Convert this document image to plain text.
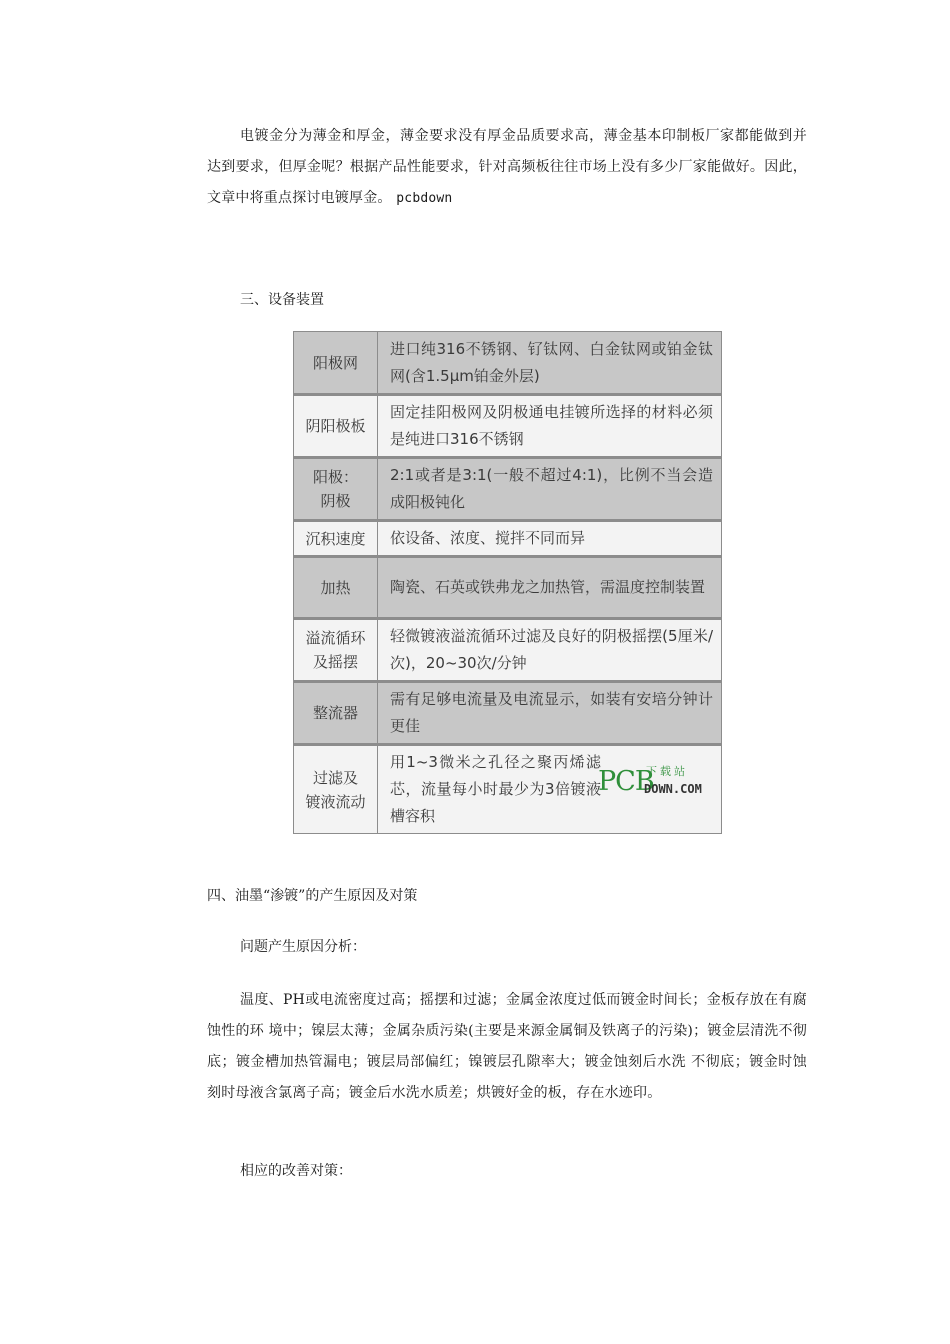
电镀金分为薄金和厚金，薄金要求没有厚金品质要求高，薄金基本印制板厂家都能做到并达到要求，但厚金呢？根据产品性能要求，针对高频板往往市场上没有多少厂家能做好。因此，文章中将重点探讨电镀厚金。 pcbdown

三、设备装置

阳极网	进口纯316不锈钢、钌钛网、白金钛网或铂金钛网(含1.5μm铂金外层)
阴阳极板	固定挂阳极网及阴极通电挂镀所选择的材料必须是纯进口316不锈钢
阳极：
阴极	2:1或者是3:1(一般不超过4:1)，比例不当会造成阳极钝化
沉积速度	依设备、浓度、搅拌不同而异
加热	陶瓷、石英或铁弗龙之加热管，需温度控制装置
溢流循环
及摇摆	轻微镀液溢流循环过滤及良好的阴极摇摆(5厘米/次)，20~30次/分钟
整流器	需有足够电流量及电流显示，如装有安培分钟计更佳
过滤及
镀液流动	用1~3微米之孔径之聚丙烯滤芯，流量每小时最少为3倍镀液槽容积
PCB
下载站
DOWN.COM

四、油墨“渗镀”的产生原因及对策

问题产生原因分析：

温度、PH或电流密度过高；摇摆和过滤；金属金浓度过低而镀金时间长；金板存放在有腐蚀性的环 境中；镍层太薄；金属杂质污染(主要是来源金属铜及铁离子的污染)；镀金层清洗不彻底；镀金槽加热管漏电；镀层局部偏红；镍镀层孔隙率大；镀金蚀刻后水洗 不彻底；镀金时蚀刻时母液含氯离子高；镀金后水洗水质差；烘镀好金的板，存在水迹印。

相应的改善对策：
